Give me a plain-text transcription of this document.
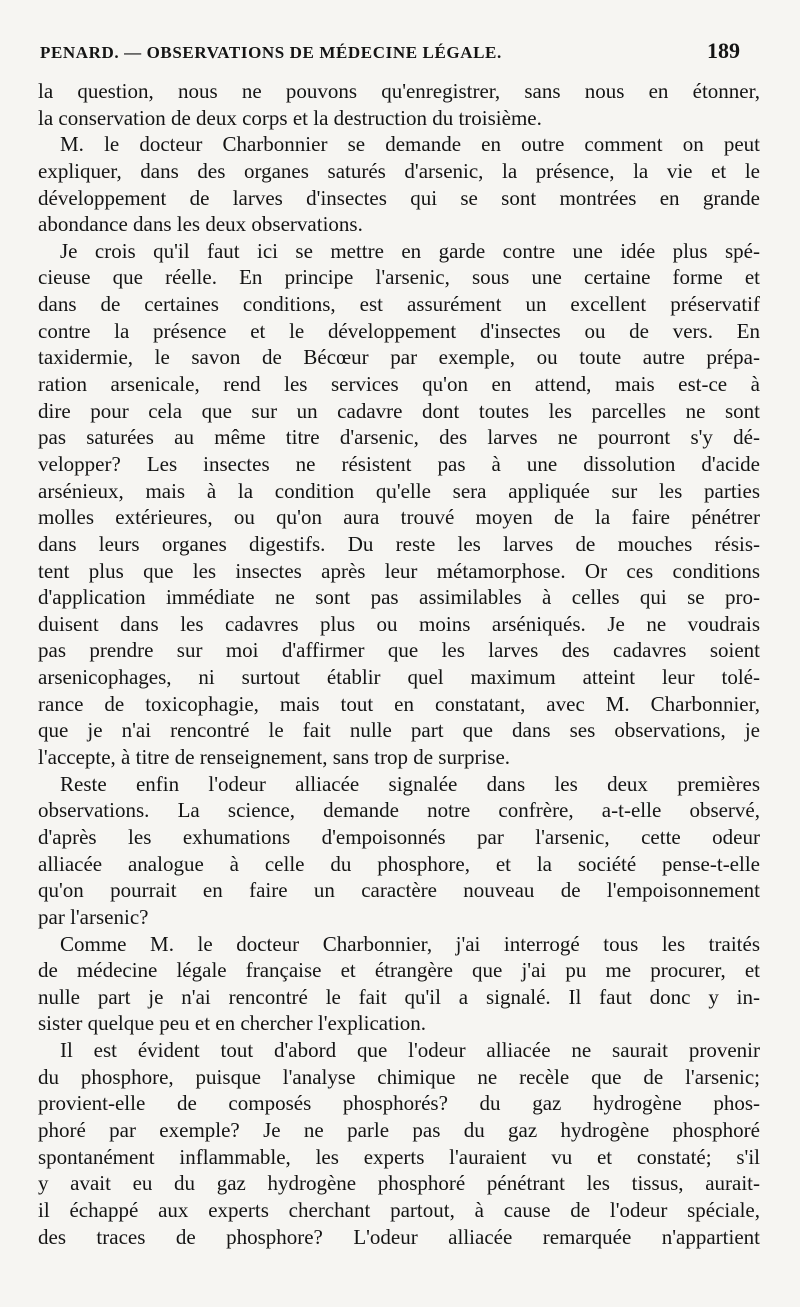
PENARD. — OBSERVATIONS DE MÉDECINE LÉGALE.	189
la question, nous ne pouvons qu'enregistrer, sans nous en étonner,
la conservation de deux corps et la destruction du troisième.
M. le docteur Charbonnier se demande en outre comment on peut
expliquer, dans des organes saturés d'arsenic, la présence, la vie et le
développement de larves d'insectes qui se sont montrées en grande
abondance dans les deux observations.
Je crois qu'il faut ici se mettre en garde contre une idée plus spé-
cieuse que réelle. En principe l'arsenic, sous une certaine forme et
dans de certaines conditions, est assurément un excellent préservatif
contre la présence et le développement d'insectes ou de vers. En
taxidermie, le savon de Bécœur par exemple, ou toute autre prépa-
ration arsenicale, rend les services qu'on en attend, mais est-ce à
dire pour cela que sur un cadavre dont toutes les parcelles ne sont
pas saturées au même titre d'arsenic, des larves ne pourront s'y dé-
velopper? Les insectes ne résistent pas à une dissolution d'acide
arsénieux, mais à la condition qu'elle sera appliquée sur les parties
molles extérieures, ou qu'on aura trouvé moyen de la faire pénétrer
dans leurs organes digestifs. Du reste les larves de mouches résis-
tent plus que les insectes après leur métamorphose. Or ces conditions
d'application immédiate ne sont pas assimilables à celles qui se pro-
duisent dans les cadavres plus ou moins arséniqués. Je ne voudrais
pas prendre sur moi d'affirmer que les larves des cadavres soient
arsenicophages, ni surtout établir quel maximum atteint leur tolé-
rance de toxicophagie, mais tout en constatant, avec M. Charbonnier,
que je n'ai rencontré le fait nulle part que dans ses observations, je
l'accepte, à titre de renseignement, sans trop de surprise.
Reste enfin l'odeur alliacée signalée dans les deux premières
observations. La science, demande notre confrère, a-t-elle observé,
d'après les exhumations d'empoisonnés par l'arsenic, cette odeur
alliacée analogue à celle du phosphore, et la société pense-t-elle
qu'on pourrait en faire un caractère nouveau de l'empoisonnement
par l'arsenic?
Comme M. le docteur Charbonnier, j'ai interrogé tous les traités
de médecine légale française et étrangère que j'ai pu me procurer, et
nulle part je n'ai rencontré le fait qu'il a signalé. Il faut donc y in-
sister quelque peu et en chercher l'explication.
Il est évident tout d'abord que l'odeur alliacée ne saurait provenir
du phosphore, puisque l'analyse chimique ne recèle que de l'arsenic;
provient-elle de composés phosphorés? du gaz hydrogène phos-
phoré par exemple? Je ne parle pas du gaz hydrogène phosphoré
spontanément inflammable, les experts l'auraient vu et constaté; s'il
y avait eu du gaz hydrogène phosphoré pénétrant les tissus, aurait-
il échappé aux experts cherchant partout, à cause de l'odeur spéciale,
des traces de phosphore? L'odeur alliacée remarquée n'appartient
